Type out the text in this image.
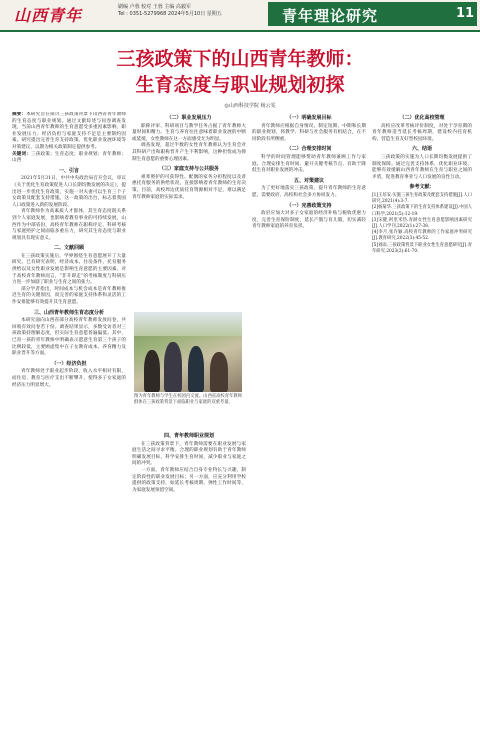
山西青年	刷编 卢蓉 校对 王蓉 主编 高毅军
Tel : 0351-5279968 2024年5月10日 星期五	青年理论研究	11
三孩政策下的山西青年教师：
生育态度与职业规划初探
◎山西科技学院 杨云雯
摘要：本研究旨在探讨三孩政策背景下山西省青年教师的生育态度与职业规划。通过文献综述与问卷调查发现，当前山西青年教师的生育意愿受多重因素影响，职业发展压力、经济负担与家庭支持不足是主要制约因素。研究提出完善生育支持政策、优化职业发展环境等对策建议，以期为相关政策制定提供参考。
关键词：三孩政策；生育态度；职业规划；青年教师；山西
一、引言

2021年5月31日，中共中央政治局召开会议，审议《关于优化生育政策促进人口长期均衡发展的决定》，提出进一步优化生育政策，实施一对夫妻可以生育三个子女政策及配套支持措施。这一政策的出台，标志着我国人口政策进入新的发展阶段。

青年教师作为高素质人才群体，其生育态度既关系到个人家庭发展，也影响着教育事业的可持续发展。山西作为中部省份，高校青年教师在职称评定、科研考核与家庭照护之间面临多重压力，研究其生育态度与职业规划具有现实意义。

二、文献回顾

在三孩政策实施后，学界围绕生育意愿展开了大量研究。已有研究表明，经济成本、住房条件、托育服务供给以及女性职业发展是影响生育意愿的主要因素。对于高校青年教师而言，“非升即走”的考核制度与科研压力进一步加剧了职业与生育之间的张力。

部分学者指出，时间成本与机会成本是青年教师推迟生育的关键原因，而完善的家庭支持体系和灵活的工作安排能够有效提升其生育意愿。

三、山西青年教师生育态度分析

本研究面向山西省部分高校青年教师发放问卷，共回收有效问卷若干份。调查结果显示，多数受访者对三孩政策持理解态度，但实际生育意愿普遍偏低。其中，已育一孩的青年教师中明确表示愿意生育第三个孩子的比例较低，主要顾虑集中在子女教育成本、养育精力及职业晋升等方面。

（一）经济负担

青年教师处于职业起步阶段，收入水平相对有限，而住房、教育与医疗支出不断攀升，使得多子女家庭的经济压力明显增大。

（二）职业发展压力

职称评审、科研项目与教学任务占据了青年教师大量时间和精力。生育与养育往往意味着职业发展的中断或延缓，女性教师在这一方面感受尤为明显。

调查发现，超过半数的女性青年教师认为生育会对其科研产出和职称晋升产生不利影响，这种担忧成为抑制生育意愿的重要心理因素。

（三）家庭支持与公共服务

祖辈照护的可获得性、配偶的家务分担程度以及普惠托育服务的供给状况，直接影响着青年教师的生育决策。目前，高校周边优质托育资源相对不足，难以满足青年教师家庭的实际需求。

图为青年教师与学生在校园内交流。山西省高校青年教师群体在三孩政策背景下面临职业与家庭的双重考量。
四、青年教师职业规划

在三孩政策背景下，青年教师需要在职业发展与家庭生活之间寻求平衡。合理的职业规划有助于青年教师明确发展目标，科学安排生育时间，减少职业与家庭之间的冲突。

一方面，青年教师应结合自身专业特长与兴趣，制定阶段性的职业发展目标；另一方面，应充分利用学校提供的政策支持，如延长考核周期、弹性工作时间等，为家庭发展预留空间。

（一）明确发展目标

青年教师应根据自身情况，制定短期、中期和长期的职业规划，将教学、科研与社会服务有机结合，在不同阶段有所侧重。

（二）合理安排时间

科学的时间管理能够帮助青年教师兼顾工作与家庭。合理安排生育时间，避开关键考核节点，有助于降低生育对职业发展的冲击。

五、对策建议

为了更好地落实三孩政策，提升青年教师的生育意愿，需要政府、高校和社会多方协同发力。

（一）完善政策支持

政府应加大对多子女家庭的经济补贴与税收优惠力度，完善生育保险制度，延长产假与育儿假，切实减轻青年教师家庭的养育负担。

（二）优化高校管理

高校应改革考核评价制度，对处于孕育期的青年教师适当延长考核周期，建设校内托育机构，营造生育友好型校园环境。

六、结语

三孩政策的实施为人口长期均衡发展提供了制度保障。通过完善支持体系、优化职业环境，能够有效缓解山西青年教师在生育与职业之间的矛盾，促进教育事业与人口发展的良性互动。

参考文献：

[1]王培安.实施三孩生育政策及配套支持措施[J].人口研究,2021(4):3-7.

[2]杨菊华.三孩政策下的生育支持体系建设[J].中国人口科学,2021(5):12-19.

[3]宋健,阿里米热.育龄女性生育意愿影响因素研究[J].人口学刊,2022(1):27-38.

[4]李月,张许颖.高校青年教师的工作家庭冲突研究[J].教育研究,2022(3):45-52.

[5]刘雨.三孩政策背景下职业女性生育意愿研究[J].青年研究,2023(2):61-70.
